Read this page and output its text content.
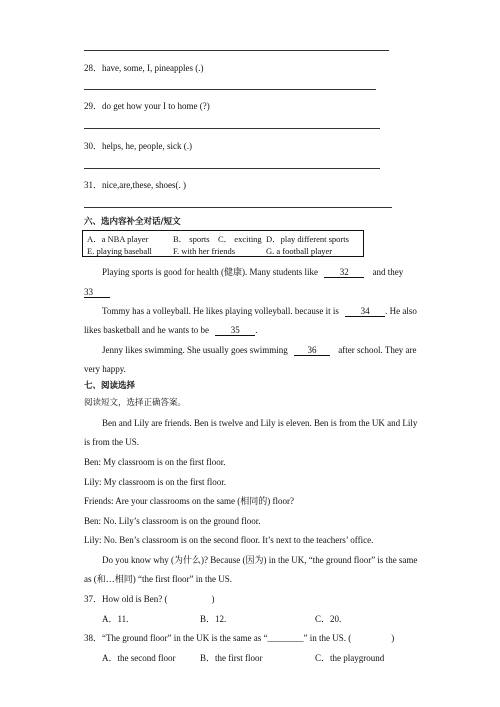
28．have, some, I, pineapples (.)
29．do get how your I to home (?)
30．helps, he, people, sick (.)
31．nice,are,these, shoes(. )
六、选内容补全对话/短文
A．a NBA player	B． sports C． exciting D．play different sports
E. playing baseball F. with her friends	G. a football player
Playing sports is good for health (健康). Many students like 32	and they
33
Tommy has a volleyball. He likes playing volleyball. because it is 34 . He also
likes basketball and he wants to be 35 .
Jenny likes swimming. She usually goes swimming 36 after school. They are
very happy.
七、阅读选择
阅读短文，选择正确答案。
Ben and Lily are friends. Ben is twelve and Lily is eleven. Ben is from the UK and Lily
is from the US.
Ben: My classroom is on the first floor.
Lily: My classroom is on the first floor.
Friends: Are your classrooms on the same (相同的) floor?
Ben: No. Lily’s classroom is on the ground floor.
Lily: No. Ben’s classroom is on the second floor. It’s next to the teachers’ office.
Do you know why (为什么)? Because (因为) in the UK, “the ground floor” is the same
as (和…相同) “the first floor” in the US.
37．How old is Ben? (	)
A．11.	B．12.	C．20.
38．“The ground floor” in the UK is the same as “________” in the US. (	)
A．the second floor	B．the first floor	C．the playground
